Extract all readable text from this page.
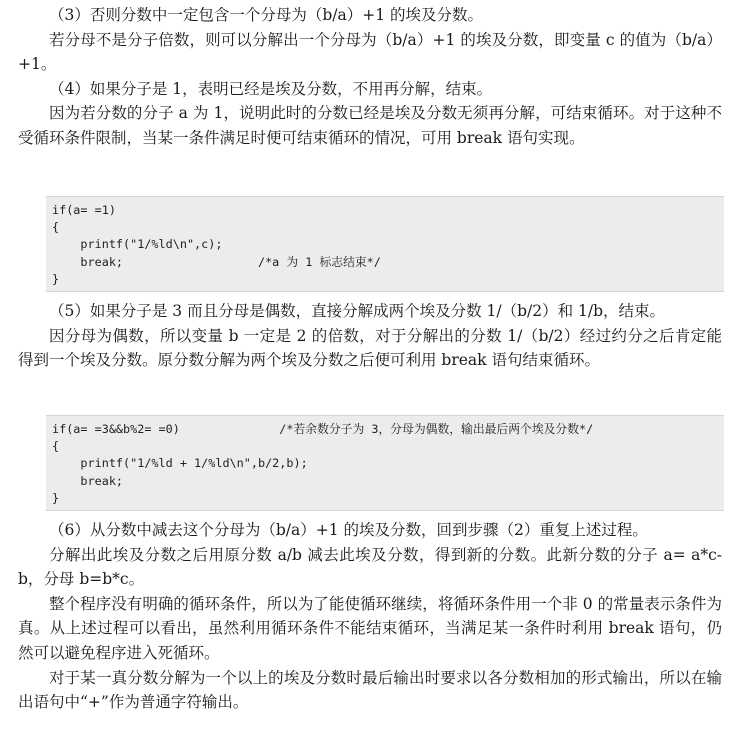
（3）否则分数中一定包含一个分母为（b/a）+1 的埃及分数。

若分母不是分子倍数，则可以分解出一个分母为（b/a）+1 的埃及分数，即变量 c 的值为（b/a）+1。

（4）如果分子是 1，表明已经是埃及分数，不用再分解，结束。

因为若分数的分子 a 为 1，说明此时的分数已经是埃及分数无须再分解，可结束循环。对于这种不受循环条件限制，当某一条件满足时便可结束循环的情况，可用 break 语句实现。

if(a= =1)
{
printf("1/%ld\n",c);
break;                   /*a 为 1 标志结束*/
}

（5）如果分子是 3 而且分母是偶数，直接分解成两个埃及分数 1/（b/2）和 1/b，结束。

因分母为偶数，所以变量 b 一定是 2 的倍数，对于分解出的分数 1/（b/2）经过约分之后肯定能得到一个埃及分数。原分数分解为两个埃及分数之后便可利用 break 语句结束循环。

if(a= =3&&b%2= =0)              /*若余数分子为 3，分母为偶数，输出最后两个埃及分数*/
{
printf("1/%ld + 1/%ld\n",b/2,b);
break;
}

（6）从分数中减去这个分母为（b/a）+1 的埃及分数，回到步骤（2）重复上述过程。

分解出此埃及分数之后用原分数 a/b 减去此埃及分数，得到新的分数。此新分数的分子 a= a*c-b，分母 b=b*c。

整个程序没有明确的循环条件，所以为了能使循环继续，将循环条件用一个非 0 的常量表示条件为真。从上述过程可以看出，虽然利用循环条件不能结束循环，当满足某一条件时利用 break 语句，仍然可以避免程序进入死循环。

对于某一真分数分解为一个以上的埃及分数时最后输出时要求以各分数相加的形式输出，所以在输出语句中“+”作为普通字符输出。
